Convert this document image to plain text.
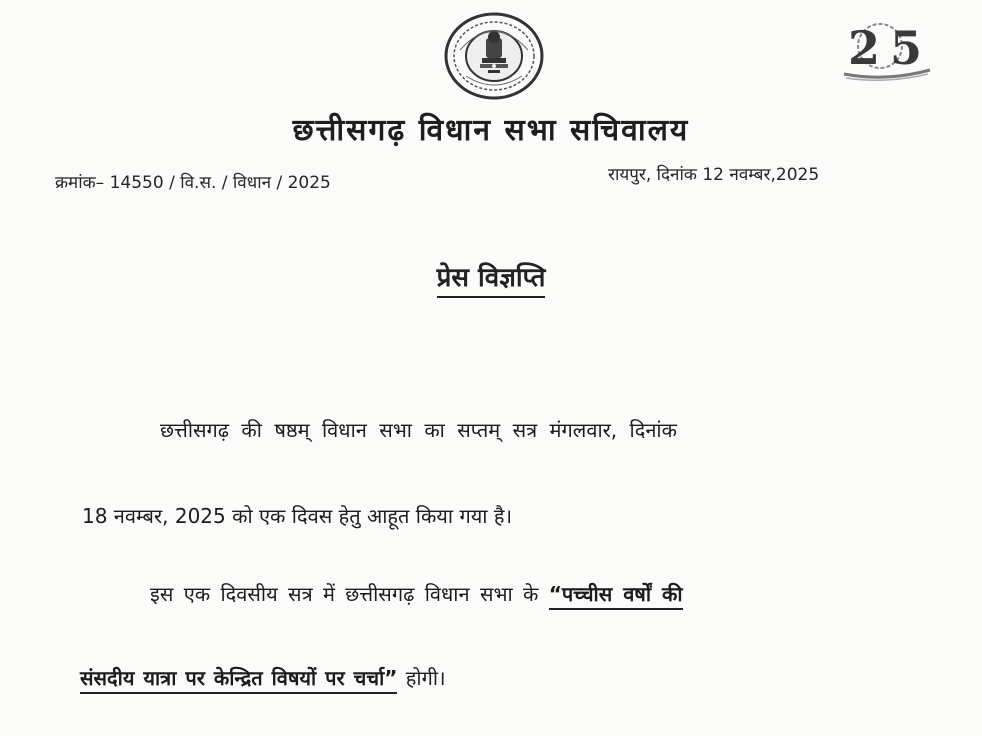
2 5
छत्तीसगढ़ विधान सभा सचिवालय
क्रमांक– 14550 / वि.स. / विधान / 2025	रायपुर, दिनांक 12 नवम्बर,2025
प्रेस विज्ञप्ति
छत्तीसगढ़ की षष्ठम् विधान सभा का सप्तम् सत्र मंगलवार, दिनांक
18 नवम्बर, 2025 को एक दिवस हेतु आहूत किया गया है।
इस एक दिवसीय सत्र में छत्तीसगढ़ विधान सभा के “पच्चीस वर्षों की
संसदीय यात्रा पर केन्द्रित विषयों पर चर्चा” होगी।
